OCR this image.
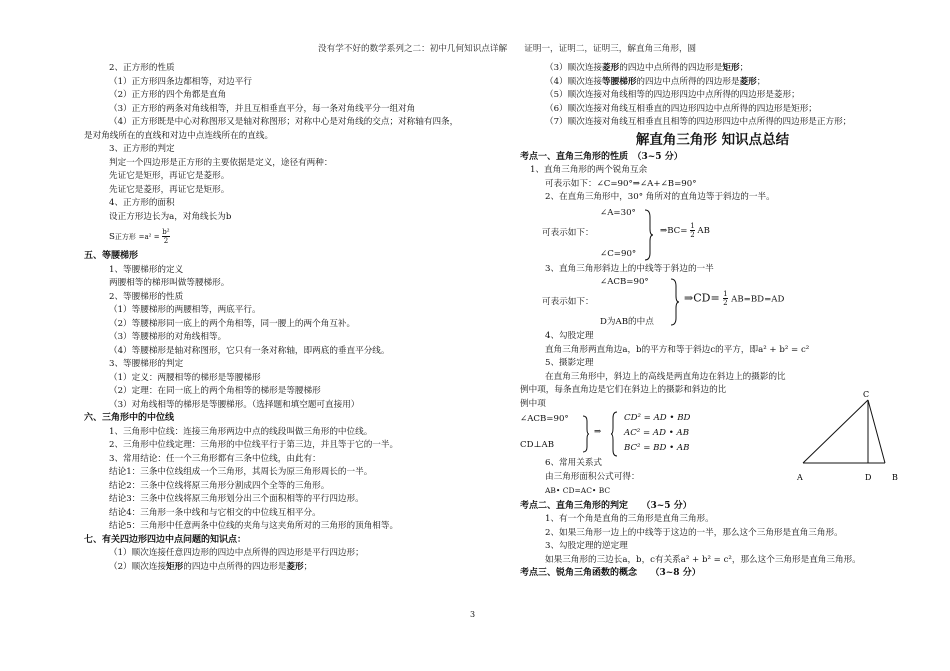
没有学不好的数学系列之二：初中几何知识点详解　　证明一，证明二，证明三，解直角三角形，圆
2、正方形的性质
（1）正方形四条边都相等，对边平行
（2）正方形的四个角都是直角
（3）正方形的两条对角线相等，并且互相垂直平分，每一条对角线平分一组对角
（4）正方形既是中心对称图形又是轴对称图形；对称中心是对角线的交点；对称轴有四条，
是对角线所在的直线和对边中点连线所在的直线。
3、正方形的判定
判定一个四边形是正方形的主要依据是定义，途径有两种：
先证它是矩形，再证它是菱形。
先证它是菱形，再证它是矩形。
4、正方形的面积
设正方形边长为a，对角线长为b
S正方形 $=a^2 = \frac{\text{b²}}{2}$
五、等腰梯形
1、等腰梯形的定义
两腰相等的梯形叫做等腰梯形。
2、等腰梯形的性质
（1）等腰梯形的两腰相等，两底平行。
（2）等腰梯形同一底上的两个角相等，同一腰上的两个角互补。
（3）等腰梯形的对角线相等。
（4）等腰梯形是轴对称图形，它只有一条对称轴，即两底的垂直平分线。
3、等腰梯形的判定
（1）定义：两腰相等的梯形是等腰梯形
（2）定理：在同一底上的两个角相等的梯形是等腰梯形
（3）对角线相等的梯形是等腰梯形。（选择题和填空题可直接用）
六、三角形中的中位线
1、三角形中位线：连接三角形两边中点的线段叫做三角形的中位线。
2、三角形中位线定理：三角形的中位线平行于第三边，并且等于它的一半。
3、常用结论：任一个三角形都有三条中位线，由此有：
结论1：三条中位线组成一个三角形，其周长为原三角形周长的一半。
结论2：三条中位线将原三角形分割成四个全等的三角形。
结论3：三条中位线将原三角形划分出三个面积相等的平行四边形。
结论4：三角形一条中线和与它相交的中位线互相平分。
结论5：三角形中任意两条中位线的夹角与这夹角所对的三角形的顶角相等。
七、有关四边形四边中点问题的知识点：
（1）顺次连接任意四边形的四边中点所得的四边形是平行四边形；
（2）顺次连接矩形的四边中点所得的四边形是菱形；
（3）顺次连接菱形的四边中点所得的四边形是矩形；
（4）顺次连接等腰梯形的四边中点所得的四边形是菱形；
（5）顺次连接对角线相等的四边形四边中点所得的四边形是菱形；
（6）顺次连接对角线互相垂直的四边形四边中点所得的四边形是矩形；
（7）顺次连接对角线互相垂直且相等的四边形四边中点所得的四边形是正方形；
解直角三角形 知识点总结
考点一、直角三角形的性质　（3~5 分）
1、直角三角形的两个锐角互余
可表示如下：∠C=90°⇒∠A+∠B=90°
2、在直角三角形中，30° 角所对的直角边等于斜边的一半。
∠A=30°
可表示如下：
∠C=90°
⇒BC= $\frac{1}{2}$ AB
3、直角三角形斜边上的中线等于斜边的一半
∠ACB=90°
可表示如下：
D为AB的中点
⇒CD= $\frac{1}{2} AB=BD=AD$
4、勾股定理
直角三角形两直角边a，b的平方和等于斜边c的平方，即a² + b² = c²
5、摄影定理
在直角三角形中，斜边上的高线是两直角边在斜边上的摄影的比
例中项，每条直角边是它们在斜边上的摄影和斜边的比
例中项
∠ACB=90°
CD⊥AB
⇒
CD² = AD • BD
AC² = AD • AB
BC² = BD • AB
6、常用关系式
由三角形面积公式可得：
AB• CD=AC• BC
考点二、直角三角形的判定　　（3~5 分）
1、有一个角是直角的三角形是直角三角形。
2、如果三角形一边上的中线等于这边的一半，那么这个三角形是直角三角形。
3、勾股定理的逆定理
如果三角形的三边长a，b，c有关系a² + b² = c²，那么这个三角形是直角三角形。
考点三、锐角三角函数的概念　　（3~8 分）
A	B
C
D
3
